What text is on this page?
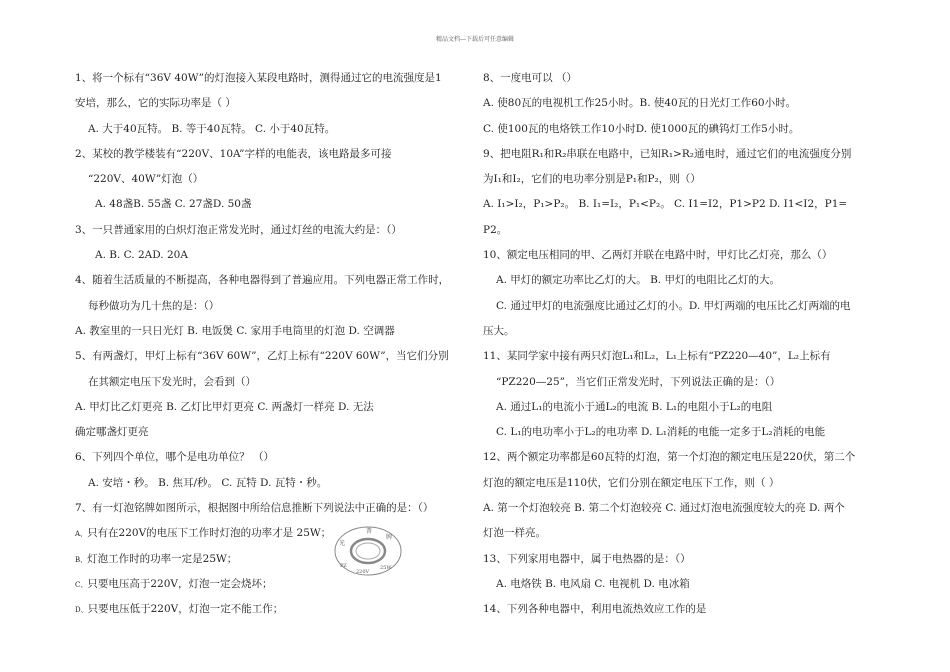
精品文档---下载后可任意编辑
1、将一个标有“36V 40W”的灯泡接入某段电路时，测得通过它的电流强度是1
安培，那么，它的实际功率是（ ）
A. 大于40瓦特。 B. 等于40瓦特。 C. 小于40瓦特。
2、某校的教学楼装有“220V、10A”字样的电能表，该电路最多可接
“220V、40W”灯泡（）
A. 48盏B. 55盏 C. 27盏D. 50盏
3、一只普通家用的白炽灯泡正常发光时，通过灯丝的电流大约是：（）
A. B. C. 2AD. 20A
4、随着生活质量的不断提高，各种电器得到了普遍应用。下列电器正常工作时，
每秒做功为几十焦的是：（）
A. 教室里的一只日光灯 B. 电饭煲 C. 家用手电筒里的灯泡 D. 空调器
5、有两盏灯，甲灯上标有“36V 60W”，乙灯上标有“220V 60W”，当它们分别
在其额定电压下发光时，会看到（）
A. 甲灯比乙灯更亮 B. 乙灯比甲灯更亮 C. 两盏灯一样亮 D. 无法
确定哪盏灯更亮
6、下列四个单位，哪个是电功单位？ （）
A. 安培・秒。 B. 焦耳/秒。 C. 瓦特 D. 瓦特・秒。
7、有一灯泡铭牌如图所示，根据图中所给信息推断下列说法中正确的是：（）
A、只有在220V的电压下工作时灯泡的功率才是 25W；
B、灯泡工作时的功率一定是25W；
C、只要电压高于220V，灯泡一定会烧坏；
D、只要电压低于220V，灯泡一定不能工作；
8、一度电可以 （）
A. 使80瓦的电视机工作25小时。B. 使40瓦的日光灯工作60小时。
C. 使100瓦的电烙铁工作10小时D. 使1000瓦的碘钨灯工作5小时。
9、把电阻R₁和R₂串联在电路中，已知R₁>R₂通电时，通过它们的电流强度分别
为I₁和I₂，它们的电功率分别是P₁和P₂，则（）
A. I₁>I₂，P₁>P₂。 B. I₁=I₂，P₁<P₂。 C. I1=I2，P1>P2 D. I1<I2，P1=
P2。
10、额定电压相同的甲、乙两灯并联在电路中时，甲灯比乙灯亮，那么（）
A. 甲灯的额定功率比乙灯的大。 B. 甲灯的电阻比乙灯的大。
C. 通过甲灯的电流强度比通过乙灯的小。D. 甲灯两端的电压比乙灯两端的电
压大。
11、某同学家中接有两只灯泡L₁和L₂，L₁上标有“PZ220—40”，L₂上标有
“PZ220—25”，当它们正常发光时，下列说法正确的是：（）
A. 通过L₁的电流小于通L₂的电流 B. L₁的电阻小于L₂的电阻
C. L₁的电功率小于L₂的电功率 D. L₁消耗的电能一定多于L₂消耗的电能
12、两个额定功率都是60瓦特的灯泡，第一个灯泡的额定电压是220伏，第二个
灯泡的额定电压是110伏，它们分别在额定电压下工作，则（ ）
A. 第一个灯泡较亮 B. 第二个灯泡较亮 C. 通过灯泡电流强度较大的亮 D. 两个
灯泡一样亮。
13、下列家用电器中，属于电热器的是：（）
A. 电烙铁 B. 电风扇 C. 电视机 D. 电冰箱
14、下列各种电器中，利用电流热效应工作的是
普
牌
光
PZ
220V
25W
